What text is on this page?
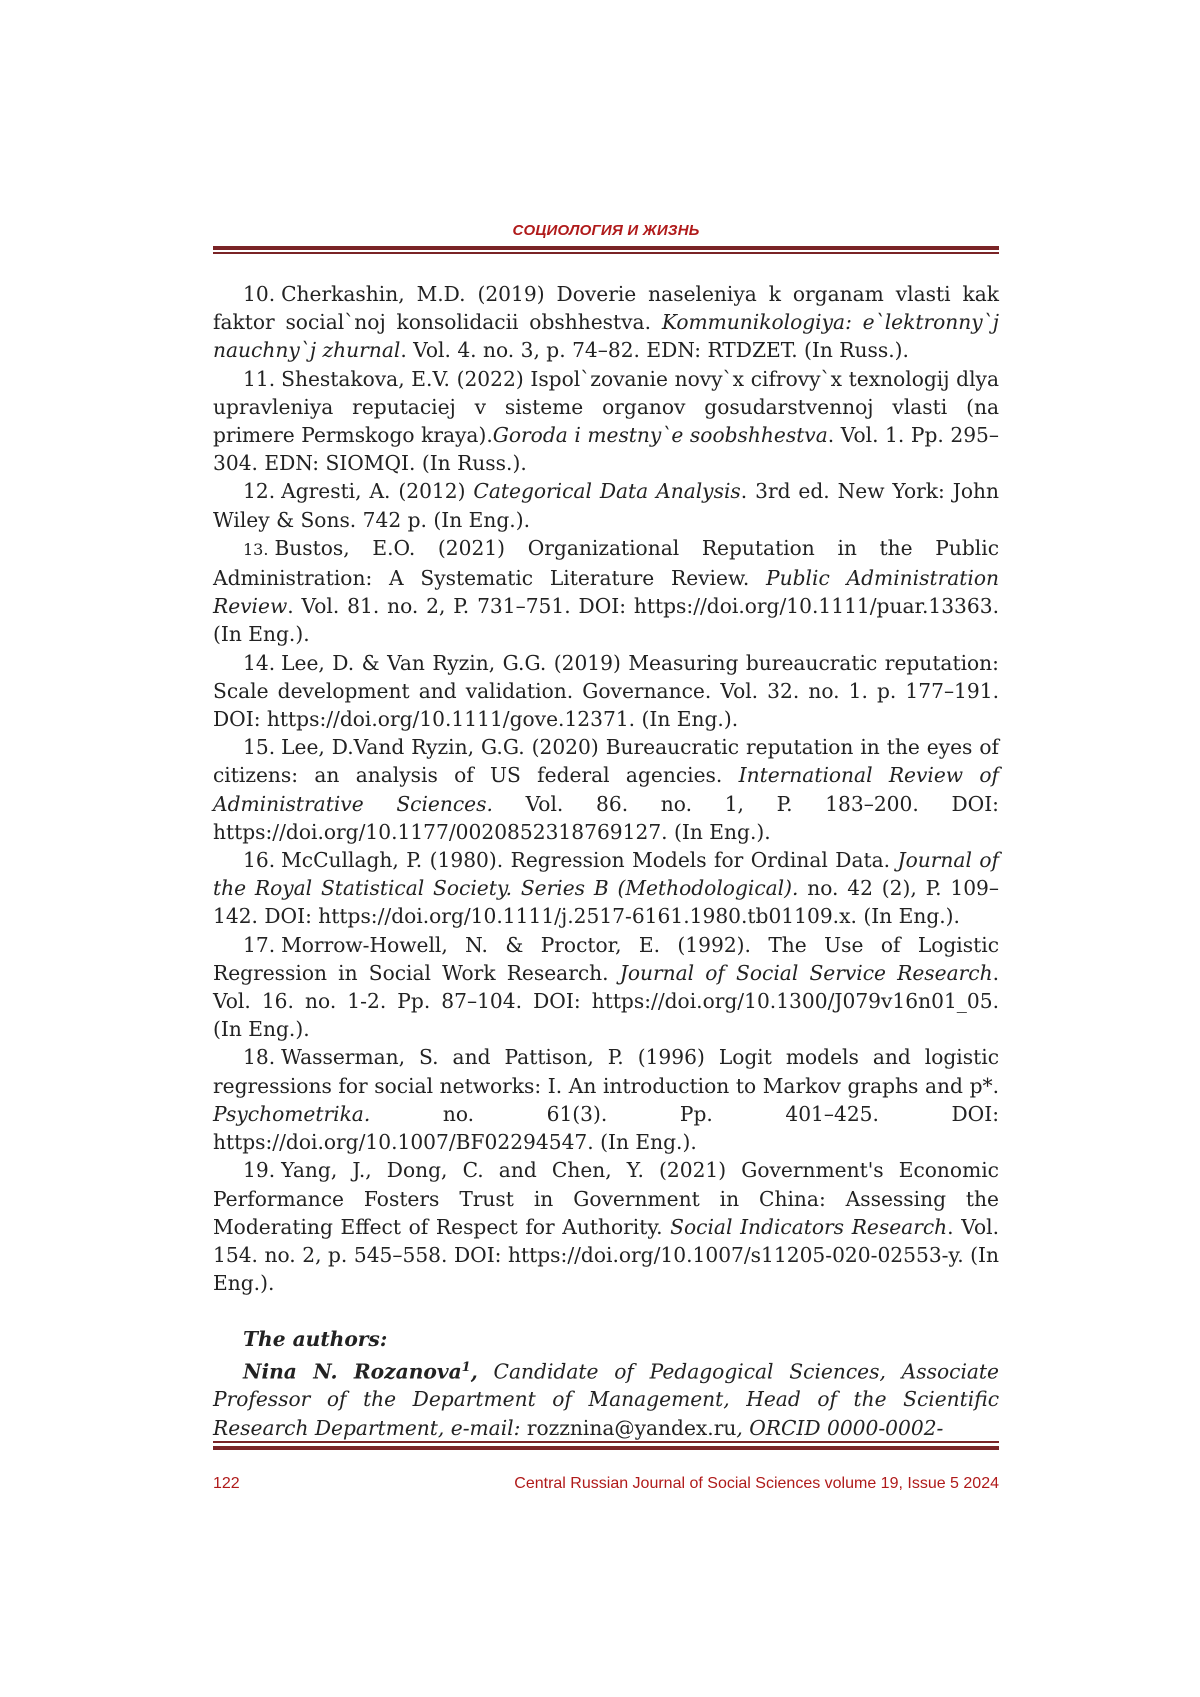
СОЦИОЛОГИЯ И ЖИЗНЬ

10. Cherkashin, M.D. (2019) Doverie naseleniya k organam vlasti kak faktor social`noj konsolidacii obshhestva. Kommunikologiya: e`lektronny`j nauchny`j zhurnal. Vol. 4. no. 3, p. 74–82. EDN: RTDZET. (In Russ.).

11. Shestakova, E.V. (2022) Ispol`zovanie novy`x cifrovy`x texnologij dlya upravleniya reputaciej v sisteme organov gosudarstvennoj vlasti (na primere Permskogo kraya).Goroda i mestny`e soobshhestva. Vol. 1. Pp. 295–304. EDN: SIOMQI. (In Russ.).

12. Agresti, A. (2012) Categorical Data Analysis. 3rd ed. New York: John Wiley & Sons. 742 p. (In Eng.).

13. Bustos, E.O. (2021) Organizational Reputation in the Public Administration: A Systematic Literature Review. Public Administration Review. Vol. 81. no. 2, P. 731–751. DOI: https://doi.org/10.1111/puar.13363. (In Eng.).

14. Lee, D. & Van Ryzin, G.G. (2019) Measuring bureaucratic reputation: Scale development and validation. Governance. Vol. 32. no. 1. p. 177–191. DOI: https://doi.org/10.1111/gove.12371. (In Eng.).

15. Lee, D.Vand Ryzin, G.G. (2020) Bureaucratic reputation in the eyes of citizens: an analysis of US federal agencies. International Review of Administrative Sciences. Vol. 86. no. 1, P. 183–200. DOI: https://doi.org/10.1177/0020852318769127. (In Eng.).

16. McCullagh, P. (1980). Regression Models for Ordinal Data. Journal of the Royal Statistical Society. Series B (Methodological). no. 42 (2), P. 109–142. DOI: https://doi.org/10.1111/j.2517-6161.1980.tb01109.x. (In Eng.).

17. Morrow-Howell, N. & Proctor, E. (1992). The Use of Logistic Regression in Social Work Research. Journal of Social Service Research. Vol. 16. no. 1-2. Pp. 87–104. DOI: https://doi.org/10.1300/J079v16n01_05. (In Eng.).

18. Wasserman, S. and Pattison, P. (1996) Logit models and logistic regressions for social networks: I. An introduction to Markov graphs and p*. Psychometrika. no. 61(3). Pp. 401–425. DOI: https://doi.org/10.1007/BF02294547. (In Eng.).

19. Yang, J., Dong, C. and Chen, Y. (2021) Government's Economic Performance Fosters Trust in Government in China: Assessing the Moderating Effect of Respect for Authority. Social Indicators Research. Vol. 154. no. 2, p. 545–558. DOI: https://doi.org/10.1007/s11205-020-02553-y. (In Eng.).

The authors:

Nina N. Rozanova$^1$, Candidate of Pedagogical Sciences, Associate Professor of the Department of Management, Head of the Scientific Research Department, e-mail: rozznina@yandex.ru, ORCID 0000-0002-

122	Central Russian Journal of Social Sciences volume 19, Issue 5 2024
